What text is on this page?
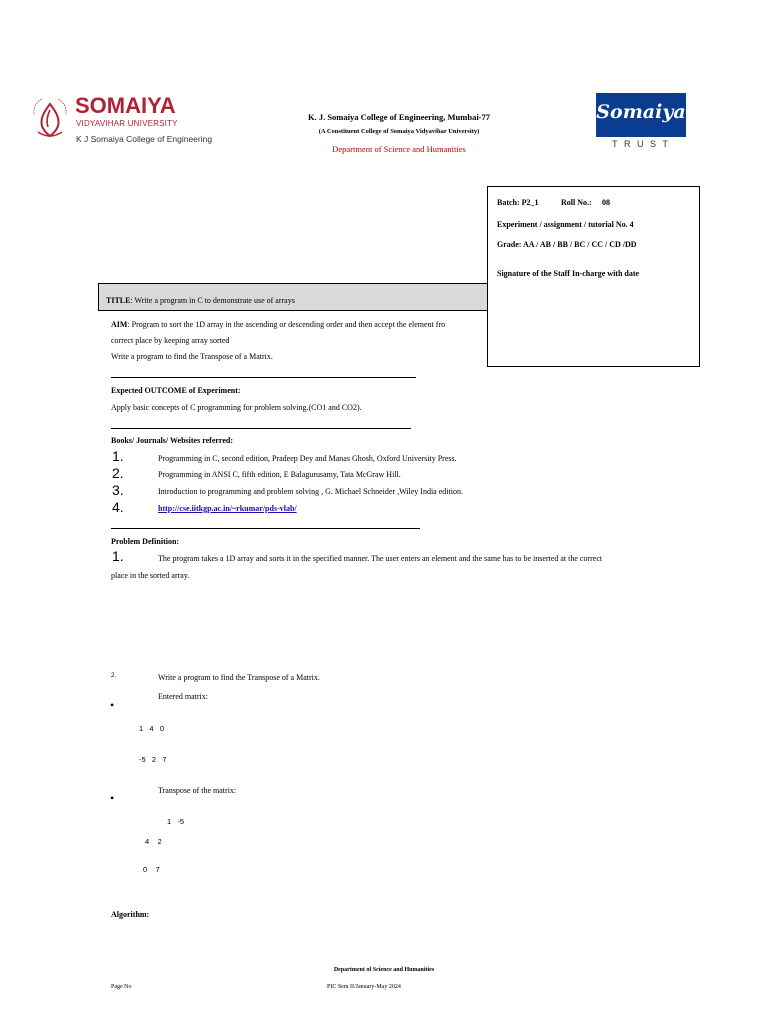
SOMAIYA
VIDYAVIHAR UNIVERSITY
K J Somaiya College of Engineering
K. J. Somaiya College of Engineering, Mumbai-77
(A Constituent College of Somaiya Vidyavihar University)
Department of Science and Humanities
Somaiya
T R U S T
Batch: P2_1	Roll No.: 08
Experiment / assignment / tutorial No. 4
Grade: AA / AB / BB / BC / CC / CD /DD
Signature of the Staff In-charge with date
TITLE: Write a program in C to demonstrate use of arrays
AIM: Program to sort the 1D array in the ascending or descending order and then accept the element fro
correct place by keeping array sorted
Write a program to find the Transpose of a Matrix.
Expected OUTCOME of Experiment:
Apply basic concepts of C programming for problem solving.(CO1 and CO2).
Books/ Journals/ Websites referred:
1.	Programming in C, second edition, Pradeep Dey and Manas Ghosh, Oxford University Press.
2.	Programming in ANSI C, fifth edition, E Balagurusamy, Tata McGraw Hill.
3.	Introduction to programming and problem solving , G. Michael Schneider ,Wiley India edition.
4.	http://cse.iitkgp.ac.in/~rkumar/pds-vlab/
Problem Definition:
1.	The program takes a 1D array and sorts it in the specified manner. The user enters an element and the same has to be inserted at the correct
place in the sorted array.
2.	Write a program to find the Transpose of a Matrix.
Entered matrix:
•
1   4   0
-5   2   7
Transpose of the matrix:
•
1   -5
4    2
0    7
Algorithm:
Department of Science and Humanities
Page No	PIC Sem II/January-May 2024
